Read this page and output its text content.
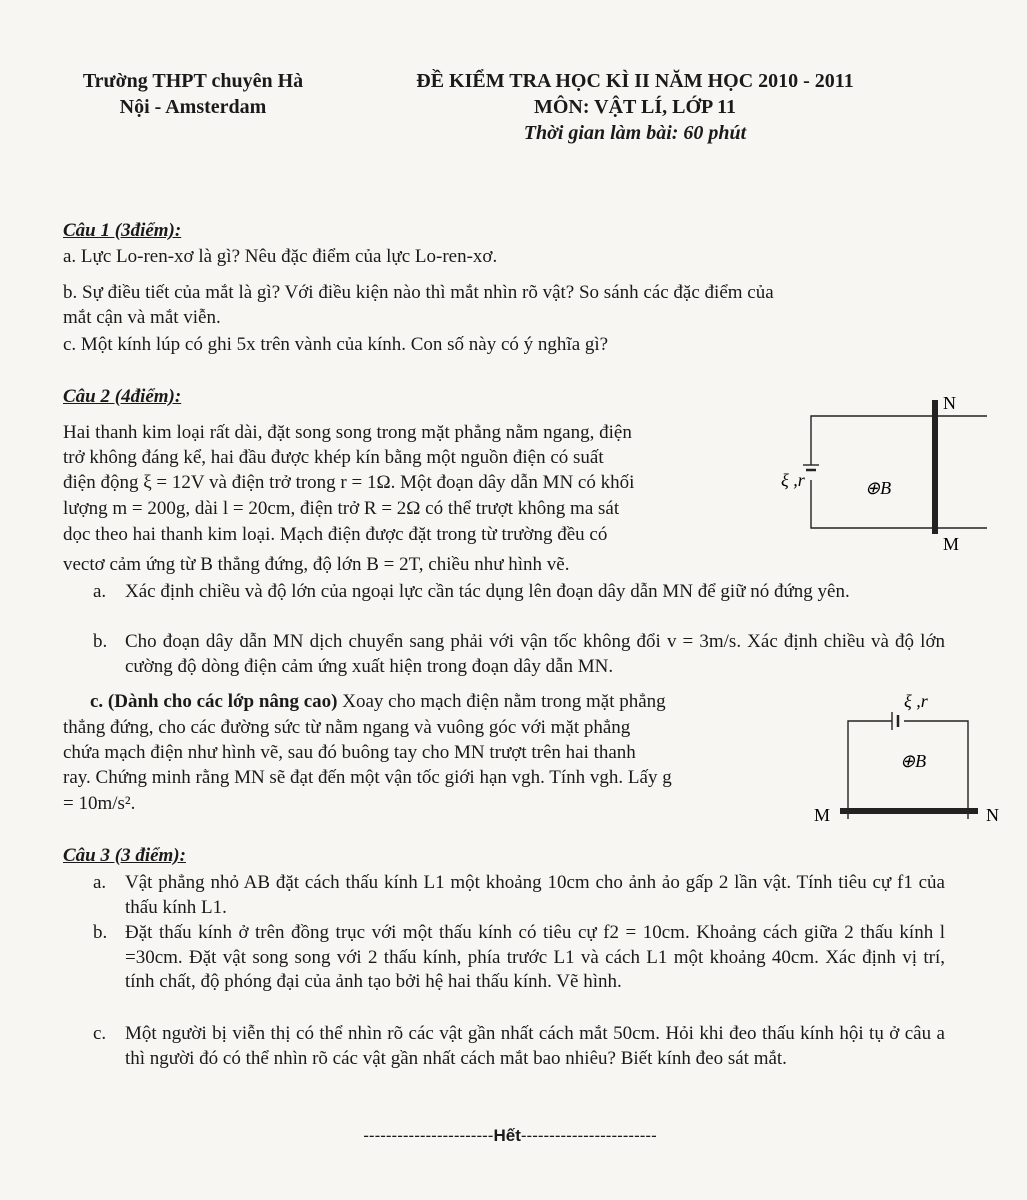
Trường THPT chuyên Hà
Nội - Amsterdam
ĐỀ KIỂM TRA HỌC KÌ II NĂM HỌC 2010 - 2011
MÔN: VẬT LÍ, LỚP 11
Thời gian làm bài: 60 phút
Câu 1 (3điểm):
a. Lực Lo-ren-xơ là gì? Nêu đặc điểm của lực Lo-ren-xơ.
b. Sự điều tiết của mắt là gì? Với điều kiện nào thì mắt nhìn rõ vật? So sánh các đặc điểm của
mắt cận và mắt viễn.
c. Một kính lúp có ghi 5x trên vành của kính. Con số này có ý nghĩa gì?
Câu 2 (4điểm):
Hai thanh kim loại rất dài, đặt song song trong mặt phẳng nằm ngang, điện
trở không đáng kể, hai đầu được khép kín bằng một nguồn điện có suất
điện động ξ = 12V và điện trở trong r = 1Ω. Một đoạn dây dẫn MN có khối
lượng m = 200g, dài l = 20cm, điện trở R = 2Ω có thể trượt không ma sát
dọc theo hai thanh kim loại. Mạch điện được đặt trong từ trường đều có
vectơ cảm ứng từ B thẳng đứng, độ lớn B = 2T, chiều như hình vẽ.
a. Xác định chiều và độ lớn của ngoại lực cần tác dụng lên đoạn dây dẫn MN để giữ nó đứng yên.
b. Cho đoạn dây dẫn MN dịch chuyển sang phải với vận tốc không đổi v = 3m/s. Xác định chiều và độ lớn cường độ dòng điện cảm ứng xuất hiện trong đoạn dây dẫn MN.
c. (Dành cho các lớp nâng cao) Xoay cho mạch điện nằm trong mặt phẳng
thẳng đứng, cho các đường sức từ nằm ngang và vuông góc với mặt phẳng
chứa mạch điện như hình vẽ, sau đó buông tay cho MN trượt trên hai thanh
ray. Chứng minh rằng MN sẽ đạt đến một vận tốc giới hạn vgh. Tính vgh. Lấy g
= 10m/s².
N
M
ξ ,r	⊕B
ξ ,r
⊕B
M	N
Câu 3 (3 điểm):
a. Vật phẳng nhỏ AB đặt cách thấu kính L1 một khoảng 10cm cho ảnh ảo gấp 2 lần vật. Tính tiêu cự f1 của thấu kính L1.
b. Đặt thấu kính ở trên đồng trục với một thấu kính có tiêu cự f2 = 10cm. Khoảng cách giữa 2 thấu kính l =30cm. Đặt vật song song với 2 thấu kính, phía trước L1 và cách L1 một khoảng 40cm. Xác định vị trí, tính chất, độ phóng đại của ảnh tạo bởi hệ hai thấu kính. Vẽ hình.
c. Một người bị viễn thị có thể nhìn rõ các vật gần nhất cách mắt 50cm. Hỏi khi đeo thấu kính hội tụ ở câu a thì người đó có thể nhìn rõ các vật gần nhất cách mắt bao nhiêu? Biết kính đeo sát mắt.
-----------------------Hết------------------------
